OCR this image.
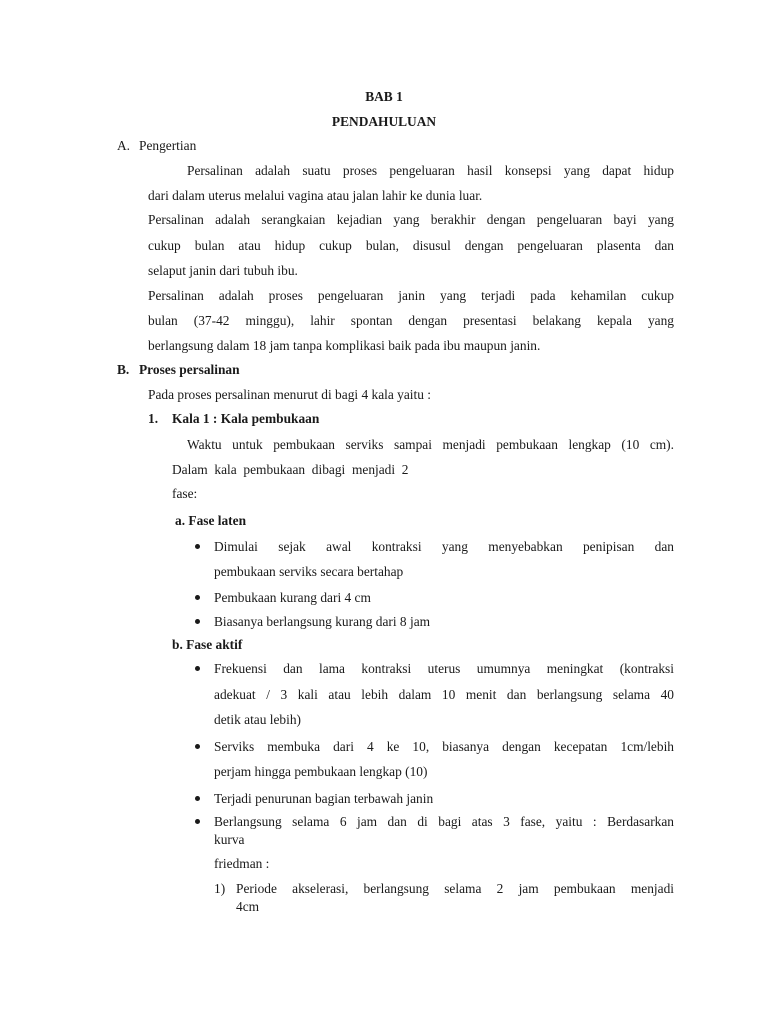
BAB 1
PENDAHULUAN
A. Pengertian
Persalinan adalah suatu proses pengeluaran hasil konsepsi yang dapat hidup
dari dalam uterus melalui vagina atau jalan lahir ke dunia luar.
Persalinan adalah serangkaian kejadian yang berakhir dengan pengeluaran bayi yang
cukup bulan atau hidup cukup bulan, disusul dengan pengeluaran plasenta dan
selaput janin dari tubuh ibu.
Persalinan adalah proses pengeluaran janin yang terjadi pada kehamilan cukup
bulan (37-42 minggu), lahir spontan dengan presentasi belakang kepala yang
berlangsung dalam 18 jam tanpa komplikasi baik pada ibu maupun janin.
B. Proses persalinan
Pada proses persalinan menurut di bagi 4 kala yaitu :
1. Kala 1 : Kala pembukaan
Waktu untuk pembukaan serviks sampai menjadi pembukaan lengkap (10 cm).
Dalam  kala  pembukaan  dibagi  menjadi  2
fase:
a. Fase laten
Dimulai sejak awal kontraksi yang menyebabkan penipisan dan
pembukaan serviks secara bertahap
Pembukaan kurang dari 4 cm
Biasanya berlangsung kurang dari 8 jam
b. Fase aktif
Frekuensi dan lama kontraksi uterus umumnya meningkat (kontraksi
adekuat / 3 kali atau lebih dalam 10 menit dan berlangsung selama 40
detik atau lebih)
Serviks membuka dari 4 ke 10, biasanya dengan kecepatan 1cm/lebih
perjam hingga pembukaan lengkap (10)
Terjadi penurunan bagian terbawah janin
Berlangsung selama 6 jam dan di bagi atas 3 fase, yaitu : Berdasarkan
kurva
friedman :
1) Periode akselerasi, berlangsung selama 2 jam pembukaan menjadi
4cm
